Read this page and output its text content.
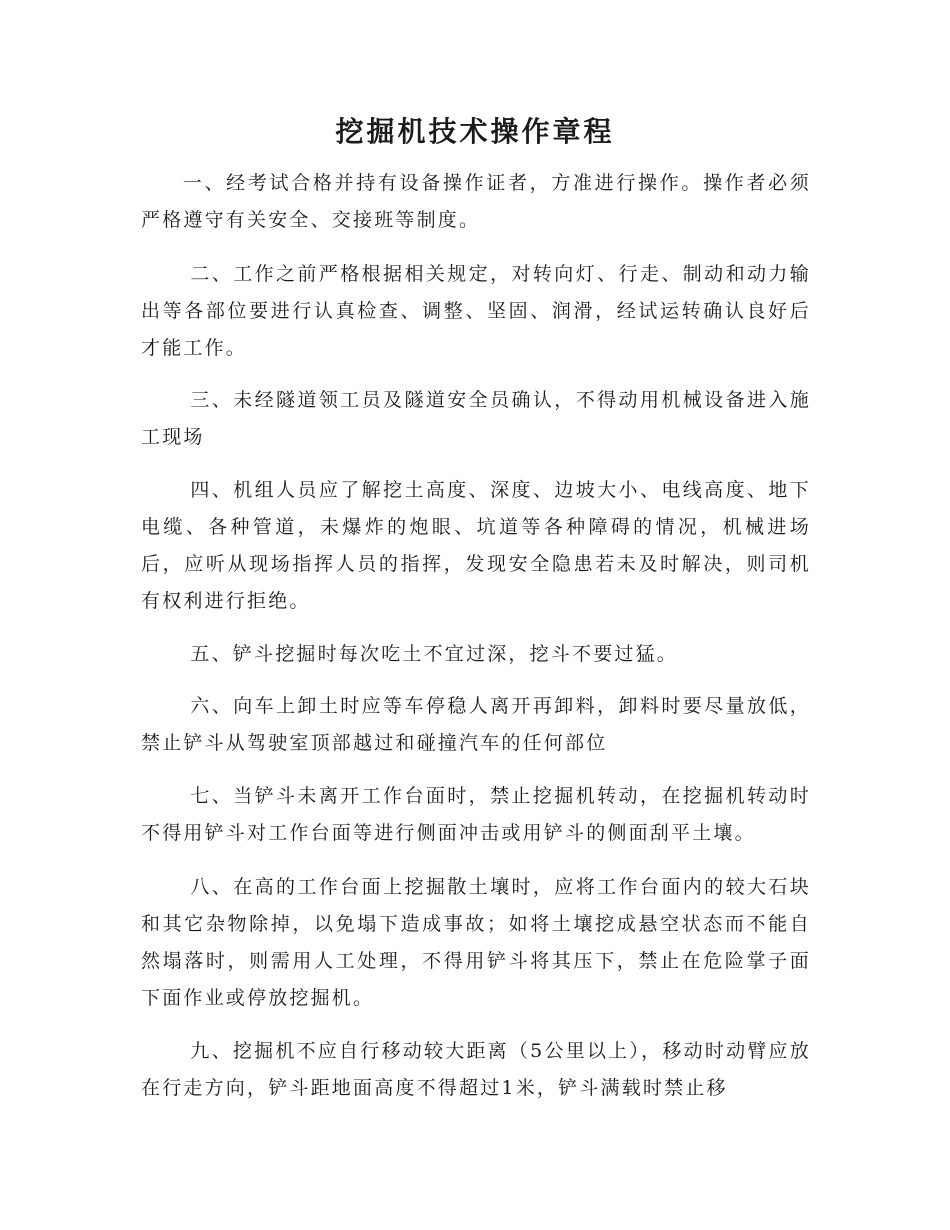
挖掘机技术操作章程

一、经考试合格并持有设备操作证者，方准进行操作。操作者必须严格遵守有关安全、交接班等制度。

二、工作之前严格根据相关规定，对转向灯、行走、制动和动力输出等各部位要进行认真检查、调整、坚固、润滑，经试运转确认良好后才能工作。

三、未经隧道领工员及隧道安全员确认，不得动用机械设备进入施工现场

四、机组人员应了解挖土高度、深度、边坡大小、电线高度、地下电缆、各种管道，未爆炸的炮眼、坑道等各种障碍的情况，机械进场后，应听从现场指挥人员的指挥，发现安全隐患若未及时解决，则司机有权利进行拒绝。

五、铲斗挖掘时每次吃土不宜过深，挖斗不要过猛。

六、向车上卸土时应等车停稳人离开再卸料，卸料时要尽量放低，禁止铲斗从驾驶室顶部越过和碰撞汽车的任何部位

七、当铲斗未离开工作台面时，禁止挖掘机转动，在挖掘机转动时不得用铲斗对工作台面等进行侧面冲击或用铲斗的侧面刮平土壤。

八、在高的工作台面上挖掘散土壤时，应将工作台面内的较大石块和其它杂物除掉，以免塌下造成事故；如将土壤挖成悬空状态而不能自然塌落时，则需用人工处理，不得用铲斗将其压下，禁止在危险掌子面下面作业或停放挖掘机。

九、挖掘机不应自行移动较大距离（5公里以上），移动时动臂应放在行走方向，铲斗距地面高度不得超过1米，铲斗满载时禁止移
